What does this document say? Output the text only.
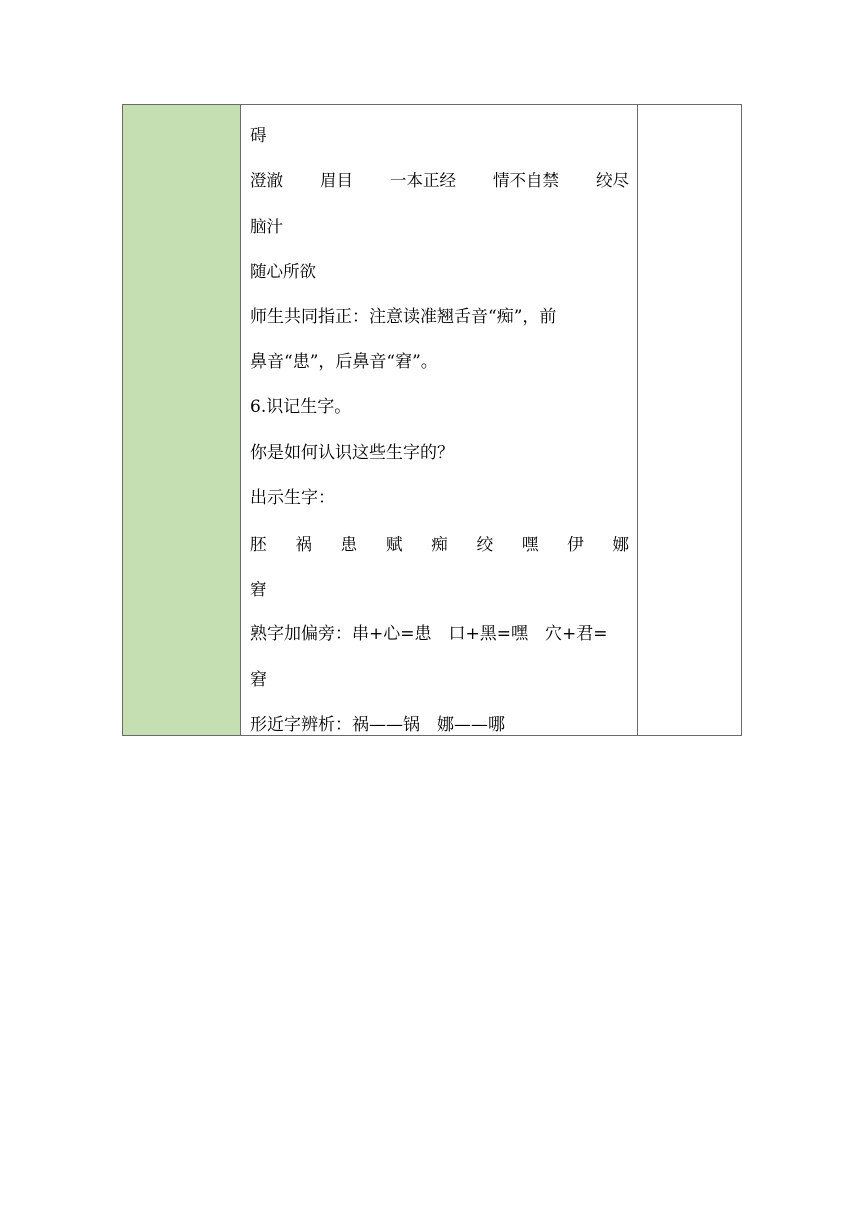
碍
澄澈 眉目 一本正经 情不自禁 绞尽
脑汁
随心所欲
师生共同指正：注意读准翘舌音“痴”，前
鼻音“患”，后鼻音“窘”。
6.识记生字。
你是如何认识这些生字的？
出示生字：
胚 祸 患 赋 痴 绞 嘿 伊 娜
窘
熟字加偏旁：串+心=患　口+黑=嘿　穴+君=
窘
形近字辨析：祸——锅　娜——哪
